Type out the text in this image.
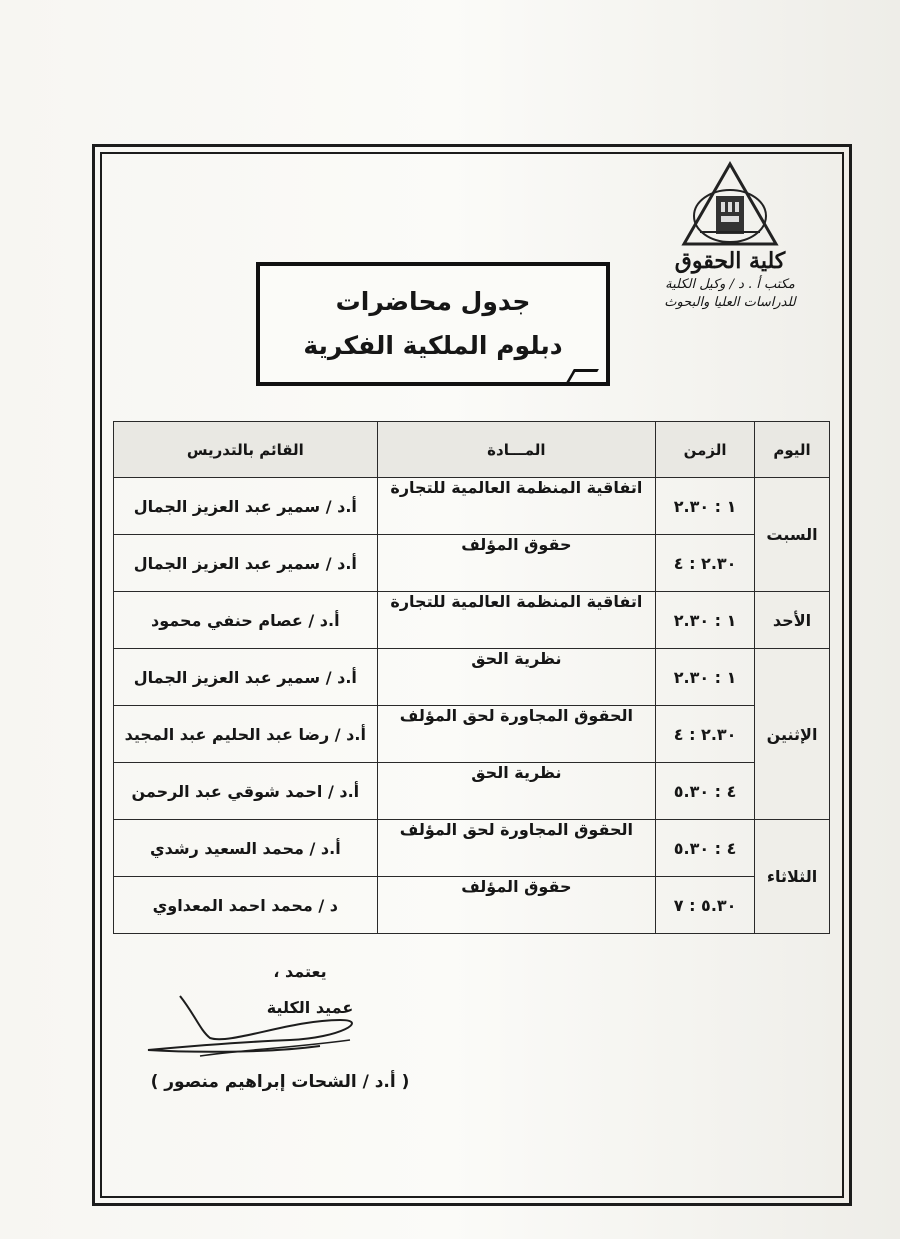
كلية الحقوق
مكتب أ . د / وكيل الكلية
للدراسات العليا والبحوث
جدول محاضرات
دبلوم الملكية الفكرية
اليوم	الزمن	المـــادة	القائم بالتدريس
السبت	١ : ٢.٣٠	اتفاقية المنظمة العالمية للتجارة	أ.د / سمير عبد العزيز الجمال
	٢.٣٠ : ٤	حقوق المؤلف	أ.د / سمير عبد العزيز الجمال
الأحد	١ : ٢.٣٠	اتفاقية المنظمة العالمية للتجارة	أ.د / عصام حنفي محمود
الإثنين	١ : ٢.٣٠	نظرية الحق	أ.د / سمير عبد العزيز الجمال
	٢.٣٠ : ٤	الحقوق المجاورة لحق المؤلف	أ.د / رضا عبد الحليم عبد المجيد
	٤ : ٥.٣٠	نظرية الحق	أ.د / احمد شوقي عبد الرحمن
الثلاثاء	٤ : ٥.٣٠	الحقوق المجاورة لحق المؤلف	أ.د / محمد السعيد رشدي
	٥.٣٠ : ٧	حقوق المؤلف	د / محمد احمد المعداوي
يعتمد ،
عميد الكلية
( أ.د / الشحات إبراهيم منصور )
